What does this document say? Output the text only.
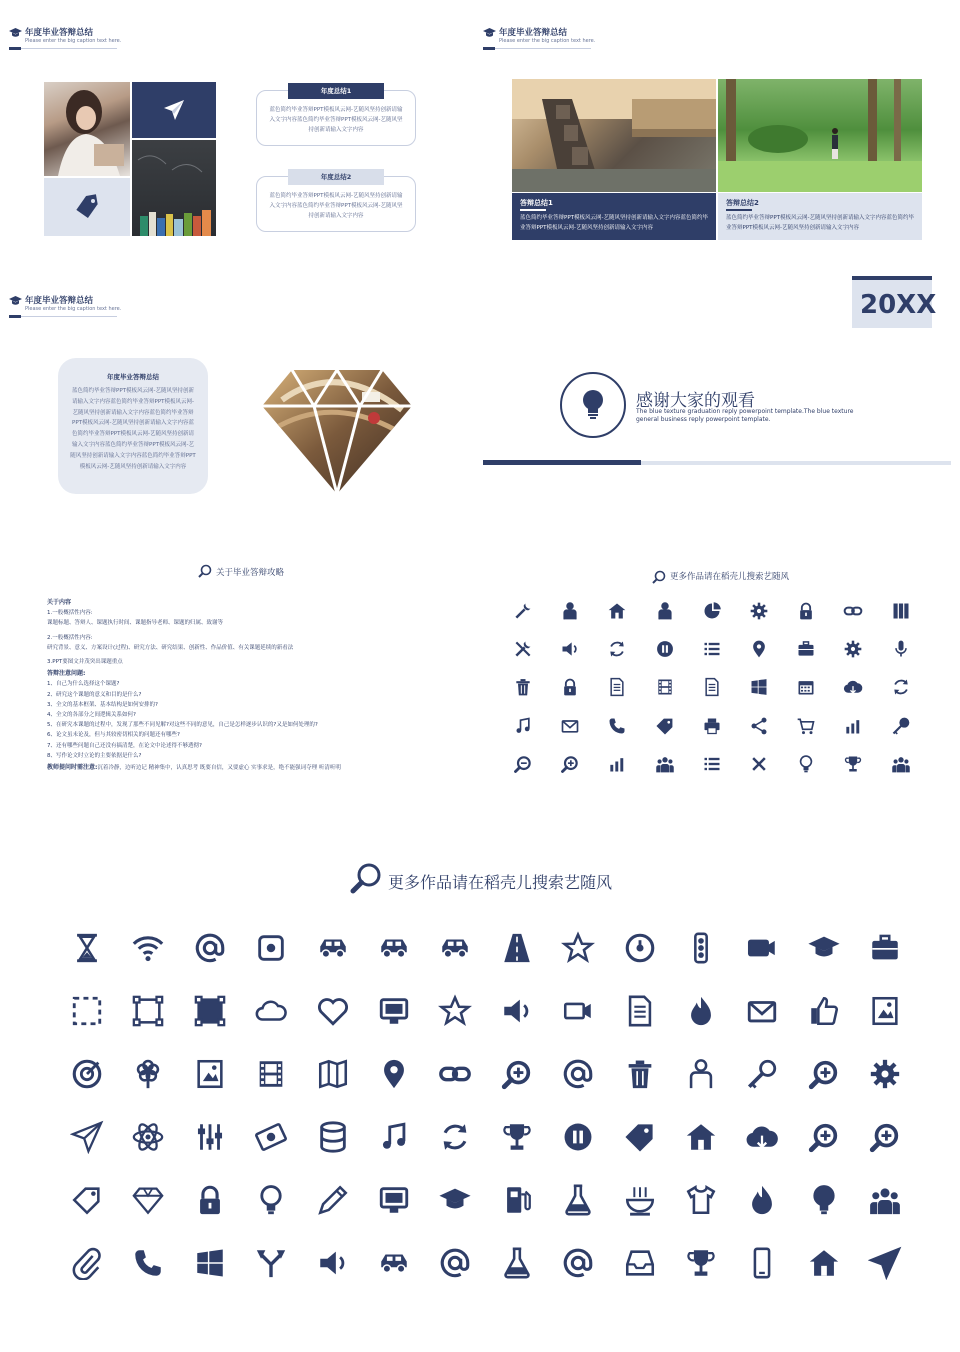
年度毕业答辩总结
Please enter the big caption text here.
年度总结1
蓝色简约毕业答辩PPT模板风云网-艺随风坚持创新请输入文字内容蓝色简约毕业答辩PPT模板风云网-艺随风坚持创新请输入文字内容
年度总结2
蓝色简约毕业答辩PPT模板风云网-艺随风坚持创新请输入文字内容蓝色简约毕业答辩PPT模板风云网-艺随风坚持创新请输入文字内容
年度毕业答辩总结
Please enter the big caption text here.
答辩总结1
蓝色简约毕业答辩PPT模板风云网-艺随风坚持创新请输入文字内容蓝色简约毕业答辩PPT模板风云网-艺随风坚持创新请输入文字内容
答辩总结2
蓝色简约毕业答辩PPT模板风云网-艺随风坚持创新请输入文字内容蓝色简约毕业答辩PPT模板风云网-艺随风坚持创新请输入文字内容
年度毕业答辩总结
Please enter the big caption text here.
年度毕业答辩总结
蓝色简约毕业答辩PPT模板风云网-艺随风坚持创新请输入文字内容蓝色简约毕业答辩PPT模板风云网-艺随风坚持创新请输入文字内容蓝色简约毕业答辩PPT模板风云网-艺随风坚持创新请输入文字内容蓝色简约毕业答辩PPT模板风云网-艺随风坚持创新请输入文字内容蓝色简约毕业答辩PPT模板风云网-艺随风坚持创新请输入文字内容蓝色简约毕业答辩PPT模板风云网-艺随风坚持创新请输入文字内容
20XX
感谢大家的观看
The blue texture graduation reply powerpoint template.The blue texture general business reply powerpoint template.
关于毕业答辩攻略
关于内容
1.一般概括性内容:
课题标题、答辩人、课题执行时间、课题指导老师、课题的归属、致谢等
2.一般概括性内容:
研究背景、意义、方案设计(过程)、研究方法、研究结果、创新性、作品价值、有关课题延续的新看法
3.PPT要图文并茂突出课题重点
答辩注意问题:
1、自己为什么选择这个课题?
2、研究这个课题的意义和目的是什么?
3、全文的基本框架、基本结构是如何安排的?
4、全文的各部分之间逻辑关系如何?
5、在研究本课题的过程中，发现了那些不同见解?对这些不同的意见，自己是怎样逐步认识的?又是如何处理的?
6、论文虽未论及，但与其较密切相关的问题还有哪些?
7、还有哪些问题自己还没有搞清楚，在论文中论述得不够透彻?
8、写作论文时立论的主要依据是什么?
教师提问时需注意:沉着冷静，边听边记 精神集中，认真思考 既要自信，又要虚心 实事求是，绝不能强词夺理 听清听明
更多作品请在稻壳儿搜索艺随风
更多作品请在稻壳儿搜索艺随风
